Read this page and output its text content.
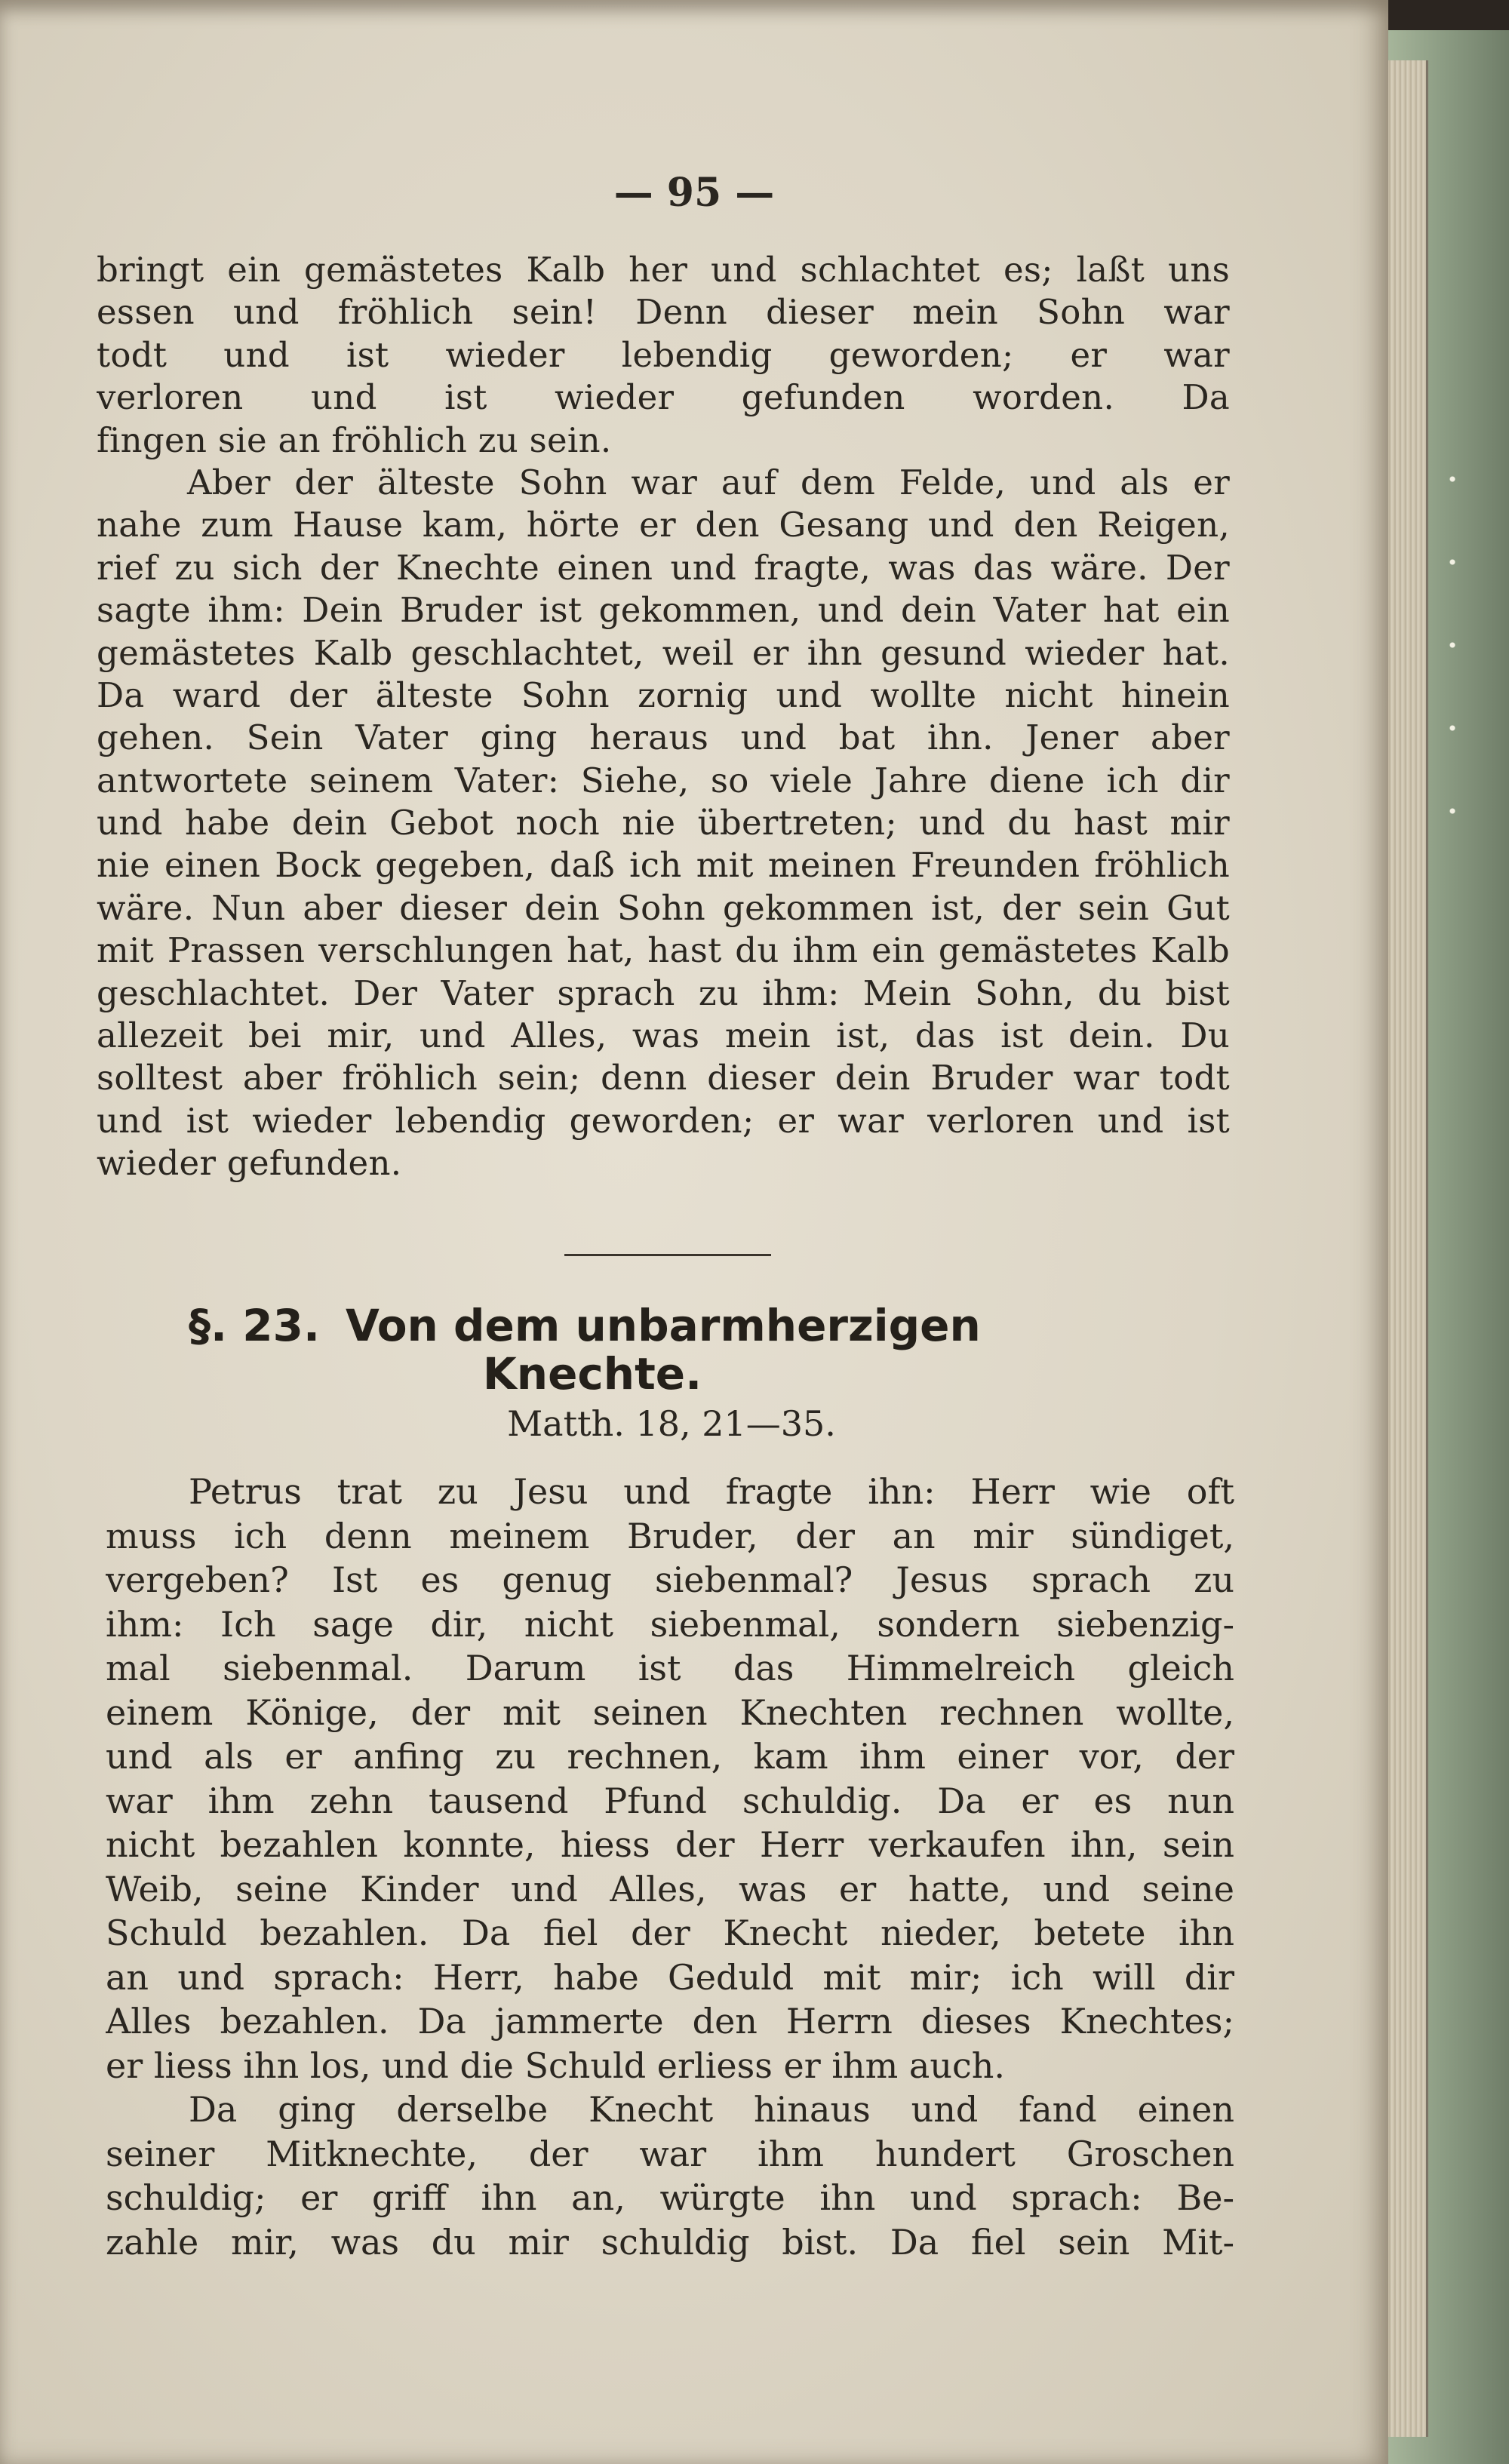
— 95 —
bringt ein gemästetes Kalb her und schlachtet es; laßt uns
essen und fröhlich sein! Denn dieser mein Sohn war
todt und ist wieder lebendig geworden; er war
verloren und ist wieder gefunden worden. Da
fingen sie an fröhlich zu sein.
Aber der älteste Sohn war auf dem Felde, und als er
nahe zum Hause kam, hörte er den Gesang und den Reigen,
rief zu sich der Knechte einen und fragte, was das wäre. Der
sagte ihm: Dein Bruder ist gekommen, und dein Vater hat ein
gemästetes Kalb geschlachtet, weil er ihn gesund wieder hat.
Da ward der älteste Sohn zornig und wollte nicht hinein
gehen. Sein Vater ging heraus und bat ihn. Jener aber
antwortete seinem Vater: Siehe, so viele Jahre diene ich dir
und habe dein Gebot noch nie übertreten; und du hast mir
nie einen Bock gegeben, daß ich mit meinen Freunden fröhlich
wäre. Nun aber dieser dein Sohn gekommen ist, der sein Gut
mit Prassen verschlungen hat, hast du ihm ein gemästetes Kalb
geschlachtet. Der Vater sprach zu ihm: Mein Sohn, du bist
allezeit bei mir, und Alles, was mein ist, das ist dein. Du
solltest aber fröhlich sein; denn dieser dein Bruder war todt
und ist wieder lebendig geworden; er war verloren und ist
wieder gefunden.
§. 23. Von dem unbarmherzigen
Knechte.
Matth. 18, 21—35.
Petrus trat zu Jesu und fragte ihn: Herr wie oft
muss ich denn meinem Bruder, der an mir sündiget,
vergeben? Ist es genug siebenmal? Jesus sprach zu
ihm: Ich sage dir, nicht siebenmal, sondern siebenzig-
mal siebenmal. Darum ist das Himmelreich gleich
einem Könige, der mit seinen Knechten rechnen wollte,
und als er anfing zu rechnen, kam ihm einer vor, der
war ihm zehn tausend Pfund schuldig. Da er es nun
nicht bezahlen konnte, hiess der Herr verkaufen ihn, sein
Weib, seine Kinder und Alles, was er hatte, und seine
Schuld bezahlen. Da fiel der Knecht nieder, betete ihn
an und sprach: Herr, habe Geduld mit mir; ich will dir
Alles bezahlen. Da jammerte den Herrn dieses Knechtes;
er liess ihn los, und die Schuld erliess er ihm auch.
Da ging derselbe Knecht hinaus und fand einen
seiner Mitknechte, der war ihm hundert Groschen
schuldig; er griff ihn an, würgte ihn und sprach: Be-
zahle mir, was du mir schuldig bist. Da fiel sein Mit-
